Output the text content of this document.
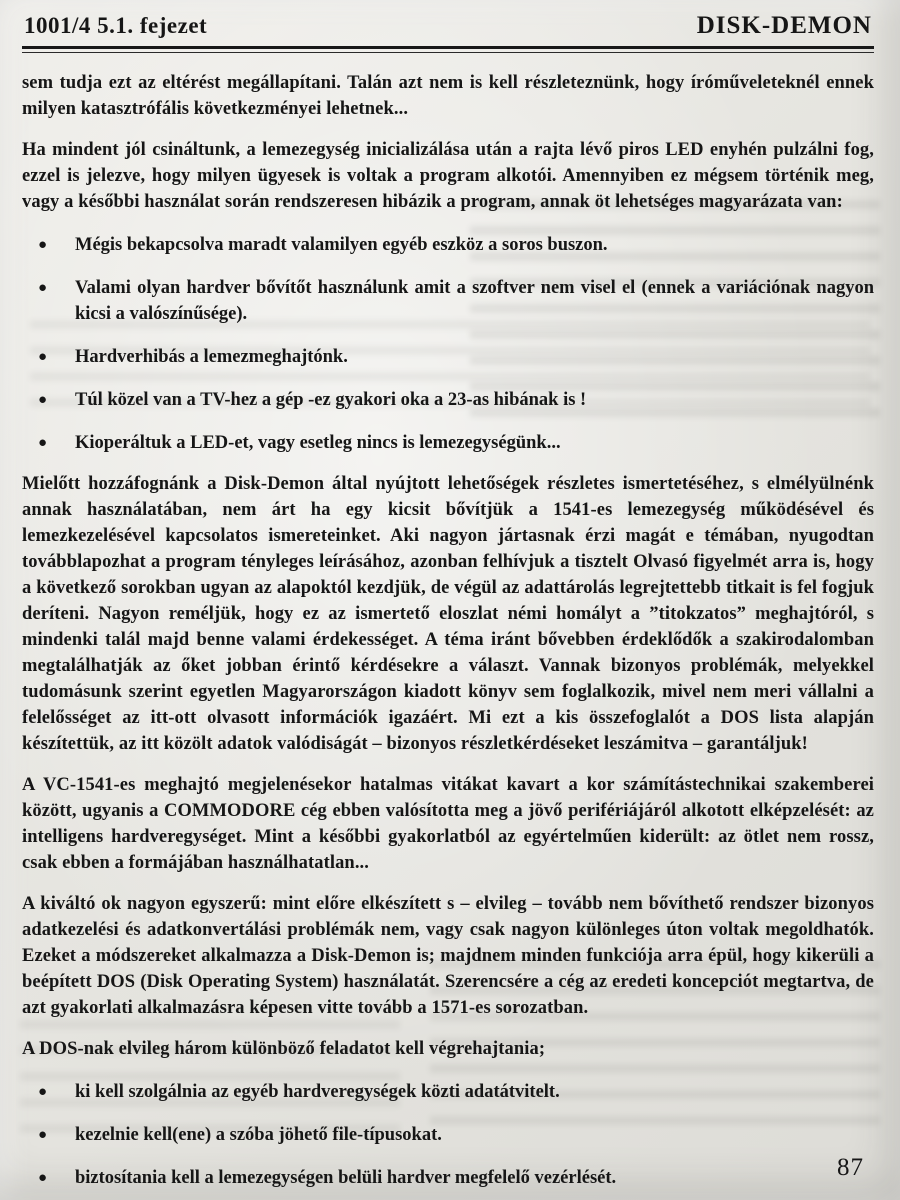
1001/4 5.1. fejezet	DISK-DEMON

sem tudja ezt az eltérést megállapítani. Talán azt nem is kell részleteznünk, hogy íróműveleteknél ennek milyen katasztrófális következményei lehetnek...

Ha mindent jól csináltunk, a lemezegység inicializálása után a rajta lévő piros LED enyhén pulzálni fog, ezzel is jelezve, hogy milyen ügyesek is voltak a program alkotói. Amennyiben ez mégsem történik meg, vagy a későbbi használat során rendszeresen hibázik a program, annak öt lehetséges magyarázata van:

● Mégis bekapcsolva maradt valamilyen egyéb eszköz a soros buszon.
● Valami olyan hardver bővítőt használunk amit a szoftver nem visel el (ennek a variációnak nagyon kicsi a valószínűsége).
● Hardverhibás a lemezmeghajtónk.
● Túl közel van a TV-hez a gép -ez gyakori oka a 23-as hibának is !
● Kioperáltuk a LED-et, vagy esetleg nincs is lemezegységünk...

Mielőtt hozzáfognánk a Disk-Demon által nyújtott lehetőségek részletes ismertetéséhez, s elmélyülnénk annak használatában, nem árt ha egy kicsit bővítjük a 1541-es lemezegység működésével és lemezkezelésével kapcsolatos ismereteinket. Aki nagyon jártasnak érzi magát e témában, nyugodtan továbblapozhat a program tényleges leírásához, azonban felhívjuk a tisztelt Olvasó figyelmét arra is, hogy a következő sorokban ugyan az alapoktól kezdjük, de végül az adattárolás legrejtettebb titkait is fel fogjuk deríteni. Nagyon reméljük, hogy ez az ismertető eloszlat némi homályt a ”titokzatos” meghajtóról, s mindenki talál majd benne valami érdekességet. A téma iránt bővebben érdeklődők a szakirodalomban megtalálhatják az őket jobban érintő kérdésekre a választ. Vannak bizonyos problémák, melyekkel tudomásunk szerint egyetlen Magyarországon kiadott könyv sem foglalkozik, mivel nem meri vállalni a felelősséget az itt-ott olvasott információk igazáért. Mi ezt a kis összefoglalót a DOS lista alapján készítettük, az itt közölt adatok valódiságát – bizonyos részletkérdéseket leszámitva – garantáljuk!

A VC-1541-es meghajtó megjelenésekor hatalmas vitákat kavart a kor számítástechnikai szakemberei között, ugyanis a COMMODORE cég ebben valósította meg a jövő perifériájáról alkotott elképzelését: az intelligens hardveregységet. Mint a későbbi gyakorlatból az egyértelműen kiderült: az ötlet nem rossz, csak ebben a formájában használhatatlan...

A kiváltó ok nagyon egyszerű: mint előre elkészített s – elvileg – tovább nem bővíthető rendszer bizonyos adatkezelési és adatkonvertálási problémák nem, vagy csak nagyon különleges úton voltak megoldhatók. Ezeket a módszereket alkalmazza a Disk-Demon is; majdnem minden funkciója arra épül, hogy kikerüli a beépített DOS (Disk Operating System) használatát. Szerencsére a cég az eredeti koncepciót megtartva, de azt gyakorlati alkalmazásra képesen vitte tovább a 1571-es sorozatban.

A DOS-nak elvileg három különböző feladatot kell végrehajtania;

● ki kell szolgálnia az egyéb hardveregységek közti adatátvitelt.
● kezelnie kell(ene) a szóba jöhető file-típusokat.
● biztosítania kell a lemezegységen belüli hardver megfelelő vezérlését.	87
